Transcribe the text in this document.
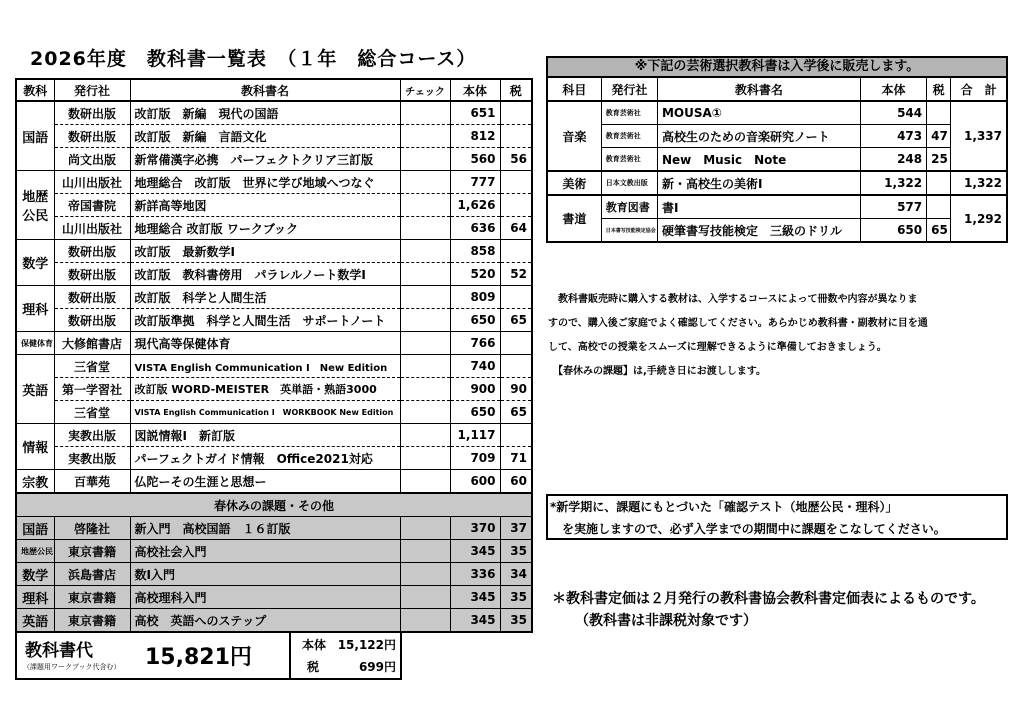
2026年度　教科書一覧表　（１年　総合コース）
教科	発行社	教科書名	チェック	本体	税
国語	数研出版	改訂版　新編　現代の国語		651	
	数研出版	改訂版　新編　言語文化		812	
	尚文出版	新常備漢字必携　パーフェクトクリア三訂版		560	56
地歴
公民	山川出版社	地理総合　改訂版　世界に学び地域へつなぐ		777	
	帝国書院	新詳高等地図		1,626	
	山川出版社	地理総合 改訂版 ワークブック		636	64
数学	数研出版	改訂版　最新数学Ⅰ		858	
	数研出版	改訂版　教科書傍用　パラレルノート数学Ⅰ		520	52
理科	数研出版	改訂版　科学と人間生活		809	
	数研出版	改訂版準拠　科学と人間生活　サポートノート		650	65
保健体育	大修館書店	現代高等保健体育		766	
英語	三省堂	VISTA English Communication Ⅰ　New Edition		740	
	第一学習社	改訂版 WORD-MEISTER　英単語・熟語3000		900	90
	三省堂	VISTA English Communication Ⅰ　WORKBOOK New Edition		650	65
情報	実教出版	図説情報Ⅰ　新訂版		1,117	
	実教出版	パーフェクトガイド情報　Office2021対応		709	71
宗教	百華苑	仏陀ーその生涯と思想ー		600	60
春休みの課題・その他					
国語	啓隆社	新入門　高校国語　１６訂版		370	37
地歴公民	東京書籍	高校社会入門		345	35
数学	浜島書店	数Ⅰ入門		336	34
理科	東京書籍	高校理科入門		345	35
英語	東京書籍	高校　英語へのステップ		345	35
教科書代
（課題用ワークブック代含む） 15,821円	本体 15,122円
税	699円
※下記の芸術選択教科書は入学後に販売します。
科目	発行社	教科書名	本体	税	合　計
音楽	教育芸術社	MOUSA①	544		1,337
	教育芸術社	高校生のための音楽研究ノート	473	47	
	教育芸術社	New　Music　Note	248	25	
美術	日本文教出版	新・高校生の美術Ⅰ	1,322		1,322
書道	教育図書	書Ⅰ	577		1,292
	日本書写技能検定協会	硬筆書写技能検定　三級のドリル	650	65	

　教科書販売時に購入する教材は、入学するコースによって冊数や内容が異なりま

すので、購入後ご家庭でよく確認してください。あらかじめ教科書・副教材に目を通

して、高校での授業をスムーズに理解できるように準備しておきましょう。

　【春休みの課題】は,手続き日にお渡しします。

*新学期に、課題にもとづいた「確認テスト（地歴公民・理科）」
を実施しますので、必ず入学までの期間中に課題をこなしてください。
＊教科書定価は２月発行の教科書協会教科書定価表によるものです。
（教科書は非課税対象です）
